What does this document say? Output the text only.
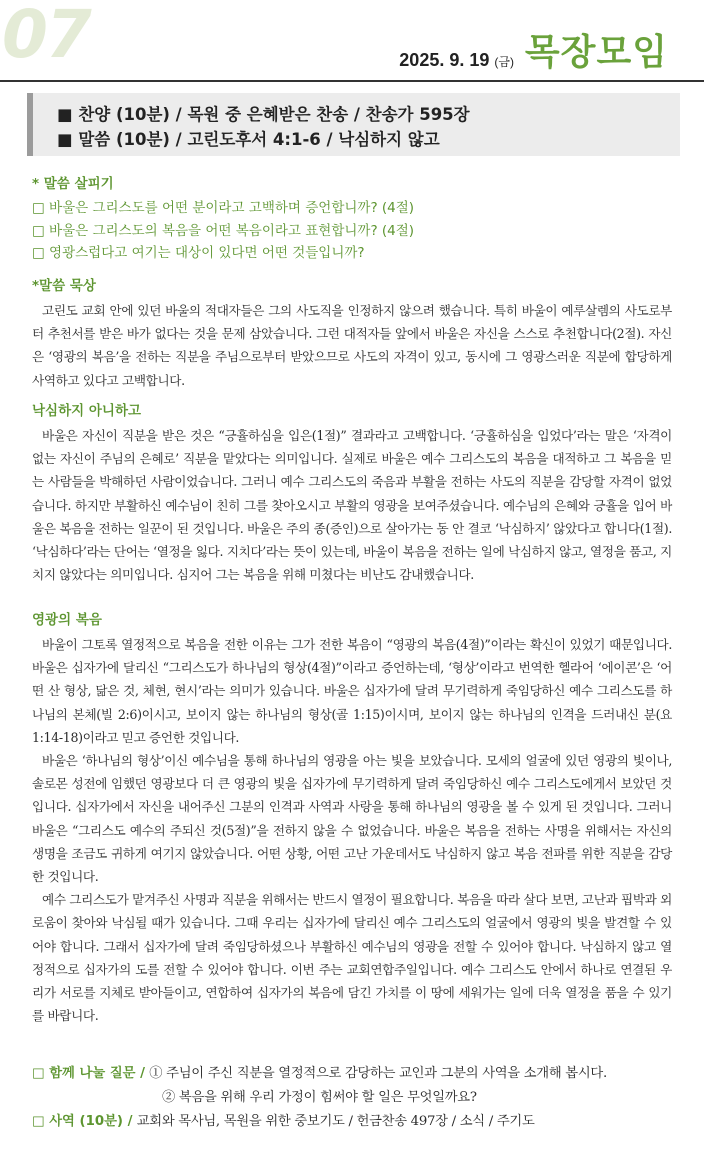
07	2025. 9. 19 (금) 목장모임

■ 찬양 (10분) / 목원 중 은혜받은 찬송 / 찬송가 595장

■ 말씀 (10분) / 고린도후서 4:1-6 / 낙심하지 않고

* 말씀 살피기

□ 바울은 그리스도를 어떤 분이라고 고백하며 증언합니까? (4절)

□ 바울은 그리스도의 복음을 어떤 복음이라고 표현합니까? (4절)

□ 영광스럽다고 여기는 대상이 있다면 어떤 것들입니까?

*말씀 묵상

고린도 교회 안에 있던 바울의 적대자들은 그의 사도직을 인정하지 않으려 했습니다. 특히 바울이 예루살렘의 사도로부터 추천서를 받은 바가 없다는 것을 문제 삼았습니다. 그런 대적자들 앞에서 바울은 자신을 스스로 추천합니다(2절). 자신은 ‘영광의 복음’을 전하는 직분을 주님으로부터 받았으므로 사도의 자격이 있고, 동시에 그 영광스러운 직분에 합당하게 사역하고 있다고 고백합니다.

낙심하지 아니하고

바울은 자신이 직분을 받은 것은 “긍휼하심을 입은(1절)” 결과라고 고백합니다. ‘긍휼하심을 입었다’라는 말은 ‘자격이 없는 자신이 주님의 은혜로’ 직분을 맡았다는 의미입니다. 실제로 바울은 예수 그리스도의 복음을 대적하고 그 복음을 믿는 사람들을 박해하던 사람이었습니다. 그러니 예수 그리스도의 죽음과 부활을 전하는 사도의 직분을 감당할 자격이 없었습니다. 하지만 부활하신 예수님이 친히 그를 찾아오시고 부활의 영광을 보여주셨습니다. 예수님의 은혜와 긍휼을 입어 바울은 복음을 전하는 일꾼이 된 것입니다. 바울은 주의 종(증인)으로 살아가는 동 안 결코 ‘낙심하지’ 않았다고 합니다(1절). ‘낙심하다’라는 단어는 ‘열정을 잃다. 지치다’라는 뜻이 있는데, 바울이 복음을 전하는 일에 낙심하지 않고, 열정을 품고, 지치지 않았다는 의미입니다. 심지어 그는 복음을 위해 미쳤다는 비난도 감내했습니다.

영광의 복음

바울이 그토록 열정적으로 복음을 전한 이유는 그가 전한 복음이 “영광의 복음(4절)”이라는 확신이 있었기 때문입니다. 바울은 십자가에 달리신 “그리스도가 하나님의 형상(4절)”이라고 증언하는데, ‘형상’이라고 번역한 헬라어 ‘에이콘’은 ‘어떤 산 형상, 닮은 것, 체현, 현시’라는 의미가 있습니다. 바울은 십자가에 달려 무기력하게 죽임당하신 예수 그리스도를 하나님의 본체(빌 2:6)이시고, 보이지 않는 하나님의 형상(골 1:15)이시며, 보이지 않는 하나님의 인격을 드러내신 분(요 1:14-18)이라고 믿고 증언한 것입니다.

바울은 ‘하나님의 형상’이신 예수님을 통해 하나님의 영광을 아는 빛을 보았습니다. 모세의 얼굴에 있던 영광의 빛이나, 솔로몬 성전에 임했던 영광보다 더 큰 영광의 빛을 십자가에 무기력하게 달려 죽임당하신 예수 그리스도에게서 보았던 것입니다. 십자가에서 자신을 내어주신 그분의 인격과 사역과 사랑을 통해 하나님의 영광을 볼 수 있게 된 것입니다. 그러니 바울은 “그리스도 예수의 주되신 것(5절)”을 전하지 않을 수 없었습니다. 바울은 복음을 전하는 사명을 위해서는 자신의 생명을 조금도 귀하게 여기지 않았습니다. 어떤 상황, 어떤 고난 가운데서도 낙심하지 않고 복음 전파를 위한 직분을 감당한 것입니다.

예수 그리스도가 맡겨주신 사명과 직분을 위해서는 반드시 열정이 필요합니다. 복음을 따라 살다 보면, 고난과 핍박과 외로움이 찾아와 낙심될 때가 있습니다. 그때 우리는 십자가에 달리신 예수 그리스도의 얼굴에서 영광의 빛을 발견할 수 있어야 합니다. 그래서 십자가에 달려 죽임당하셨으나 부활하신 예수님의 영광을 전할 수 있어야 합니다. 낙심하지 않고 열정적으로 십자가의 도를 전할 수 있어야 합니다. 이번 주는 교회연합주일입니다. 예수 그리스도 안에서 하나로 연결된 우리가 서로를 지체로 받아들이고, 연합하여 십자가의 복음에 담긴 가치를 이 땅에 세워가는 일에 더욱 열정을 품을 수 있기를 바랍니다.

□ 함께 나눌 질문 / ① 주님이 주신 직분을 열정적으로 감당하는 교인과 그분의 사역을 소개해 봅시다.

② 복음을 위해 우리 가정이 힘써야 할 일은 무엇일까요?

□ 사역 (10분) / 교회와 목사님, 목원을 위한 중보기도 / 헌금찬송 497장 / 소식 / 주기도
